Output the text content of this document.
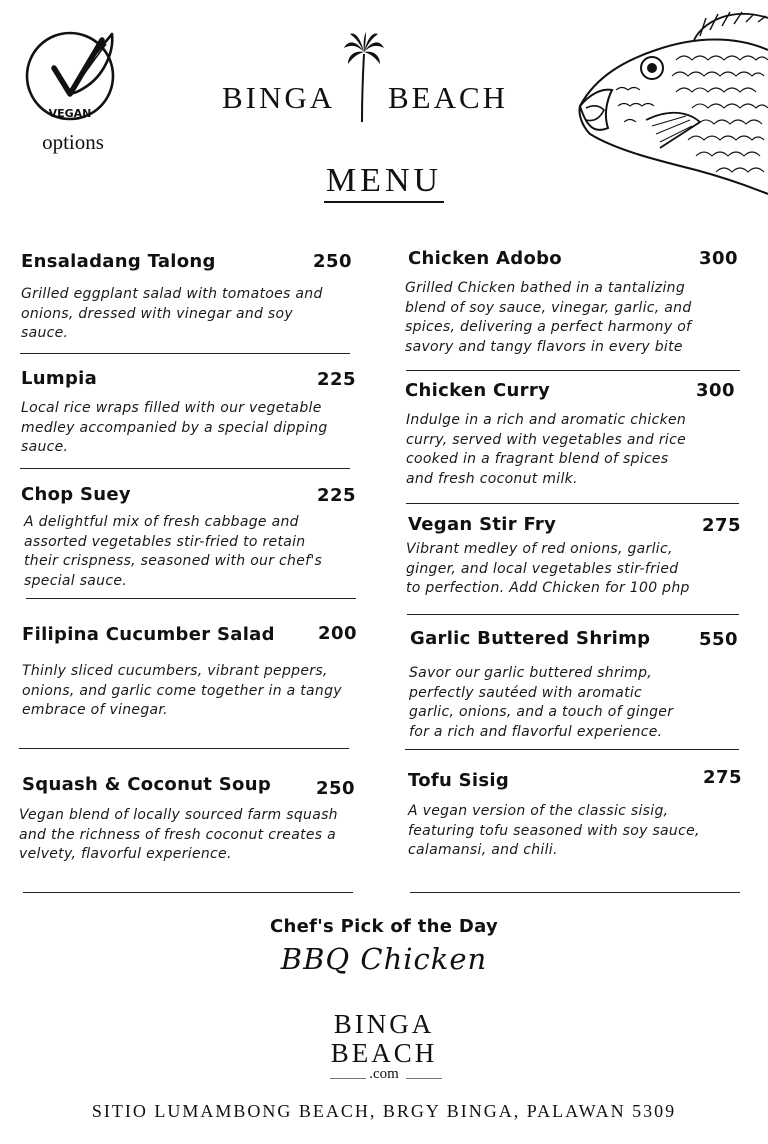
VEGAN
options
BINGA BEACH
MENU
Ensaladang Talong	250
Grilled eggplant salad with tomatoes and
onions, dressed with vinegar and soy
sauce.
Lumpia	225
Local rice wraps filled with our vegetable
medley accompanied by a special dipping
sauce.
Chop Suey	225
A delightful mix of fresh cabbage and
assorted vegetables stir-fried to retain
their crispness, seasoned with our chef's
special sauce.
Filipina Cucumber Salad 200
Thinly sliced cucumbers, vibrant peppers,
onions, and garlic come together in a tangy
embrace of vinegar.
Squash & Coconut Soup 250
Vegan blend of locally sourced farm squash
and the richness of fresh coconut creates a
velvety, flavorful experience.
Chicken Adobo	300
Grilled Chicken bathed in a tantalizing
blend of soy sauce, vinegar, garlic, and
spices, delivering a perfect harmony of
savory and tangy flavors in every bite
Chicken Curry	300
Indulge in a rich and aromatic chicken
curry, served with vegetables and rice
cooked in a fragrant blend of spices
and fresh coconut milk.
Vegan Stir Fry	275
Vibrant medley of red onions, garlic,
ginger, and local vegetables stir-fried
to perfection. Add Chicken for 100 php
Garlic Buttered Shrimp	550
Savor our garlic buttered shrimp,
perfectly sautéed with aromatic
garlic, onions, and a touch of ginger
for a rich and flavorful experience.
Tofu Sisig	275
A vegan version of the classic sisig,
featuring tofu seasoned with soy sauce,
calamansi, and chili.
Chef's Pick of the Day
BBQ Chicken
BINGA
BEACH
.com
SITIO LUMAMBONG BEACH, BRGY BINGA, PALAWAN 5309
